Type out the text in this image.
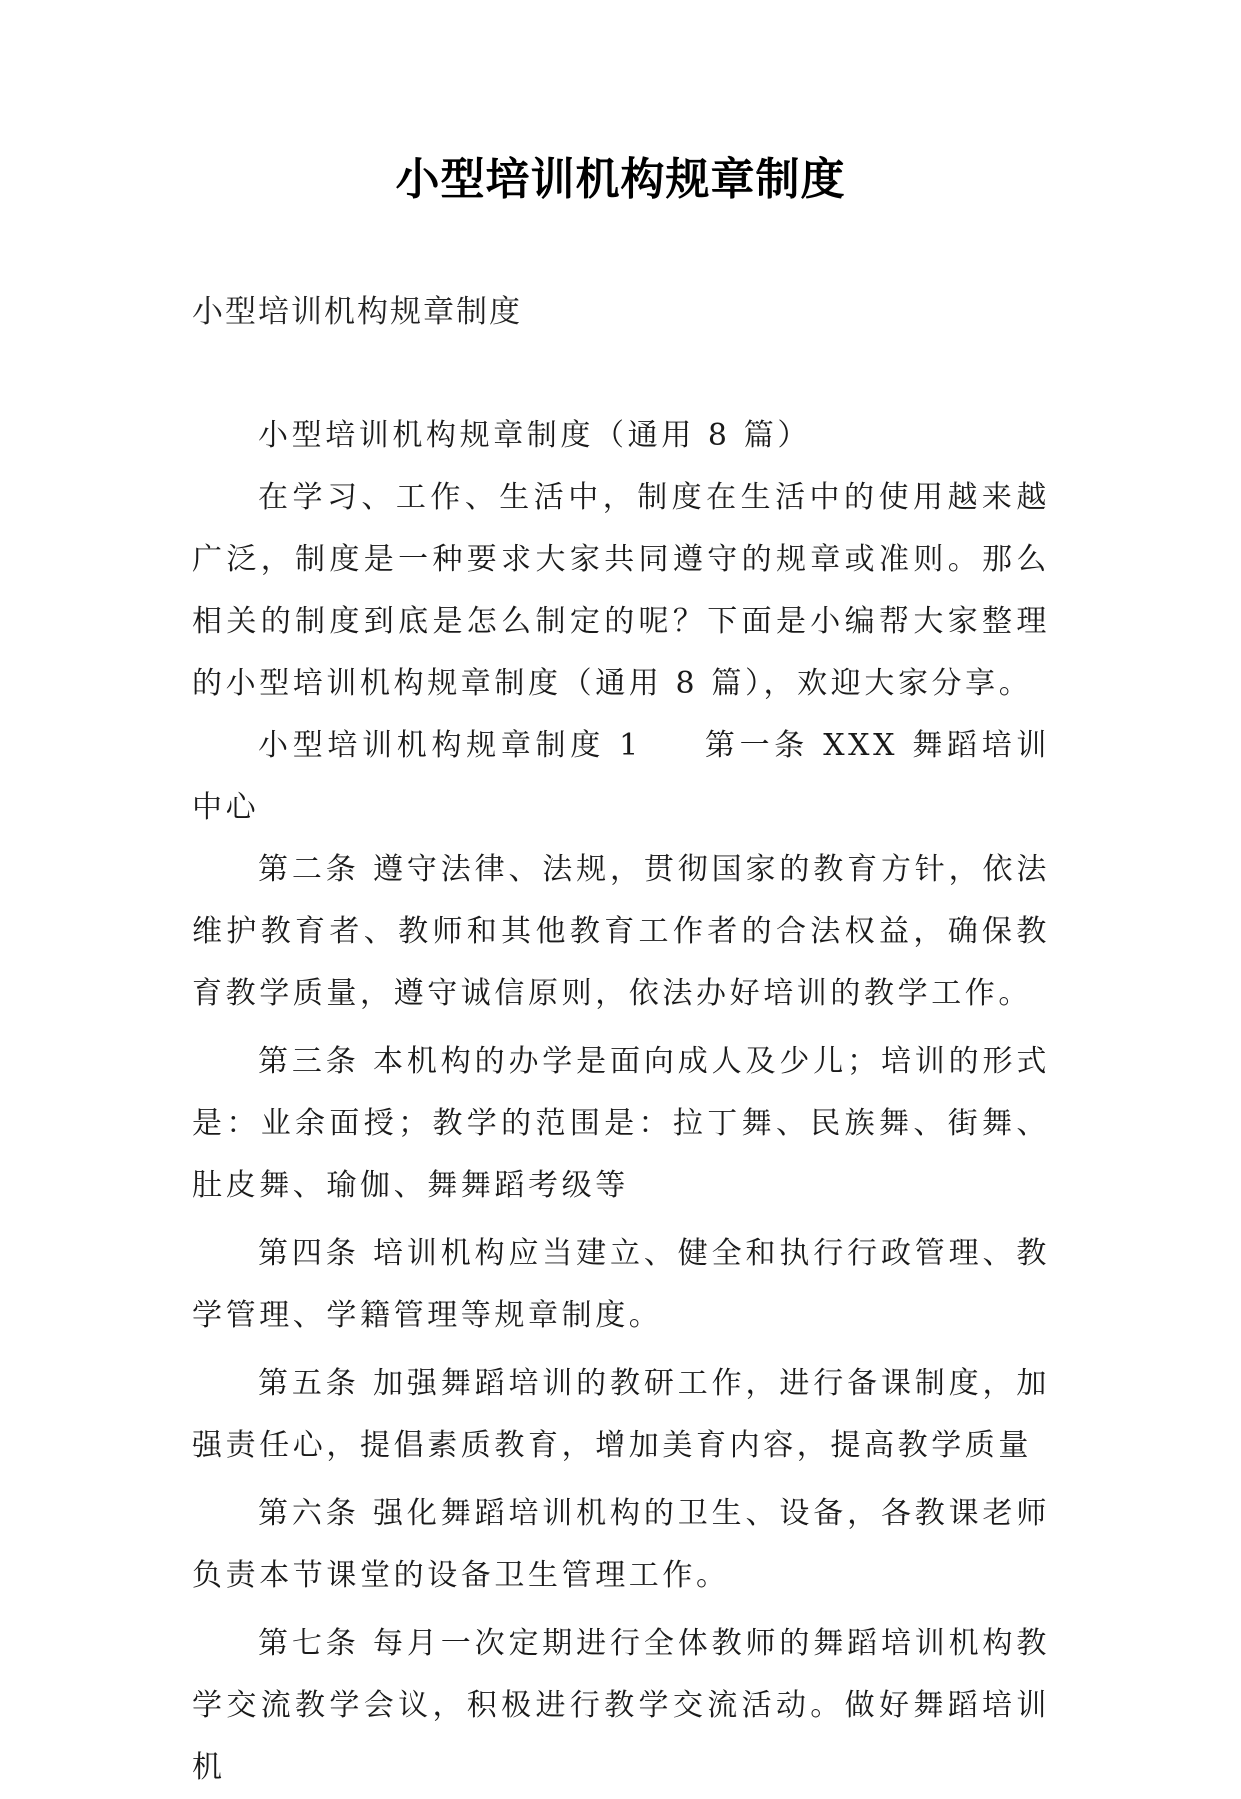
小型培训机构规章制度
小型培训机构规章制度

小型培训机构规章制度（通用 8 篇）

在学习、工作、生活中，制度在生活中的使用越来越广泛，制度是一种要求大家共同遵守的规章或准则。那么相关的制度到底是怎么制定的呢？下面是小编帮大家整理的小型培训机构规章制度（通用 8 篇），欢迎大家分享。

小型培训机构规章制度 1 第一条 XXX 舞蹈培训中心

第二条 遵守法律、法规，贯彻国家的教育方针，依法维护教育者、教师和其他教育工作者的合法权益，确保教育教学质量，遵守诚信原则，依法办好培训的教学工作。

第三条 本机构的办学是面向成人及少儿；培训的形式是：业余面授；教学的范围是：拉丁舞、民族舞、街舞、肚皮舞、瑜伽、舞舞蹈考级等

第四条 培训机构应当建立、健全和执行行政管理、教学管理、学籍管理等规章制度。

第五条 加强舞蹈培训的教研工作，进行备课制度，加强责任心，提倡素质教育，增加美育内容，提高教学质量

第六条 强化舞蹈培训机构的卫生、设备，各教课老师负责本节课堂的设备卫生管理工作。

第七条 每月一次定期进行全体教师的舞蹈培训机构教学交流教学会议，积极进行教学交流活动。做好舞蹈培训机
